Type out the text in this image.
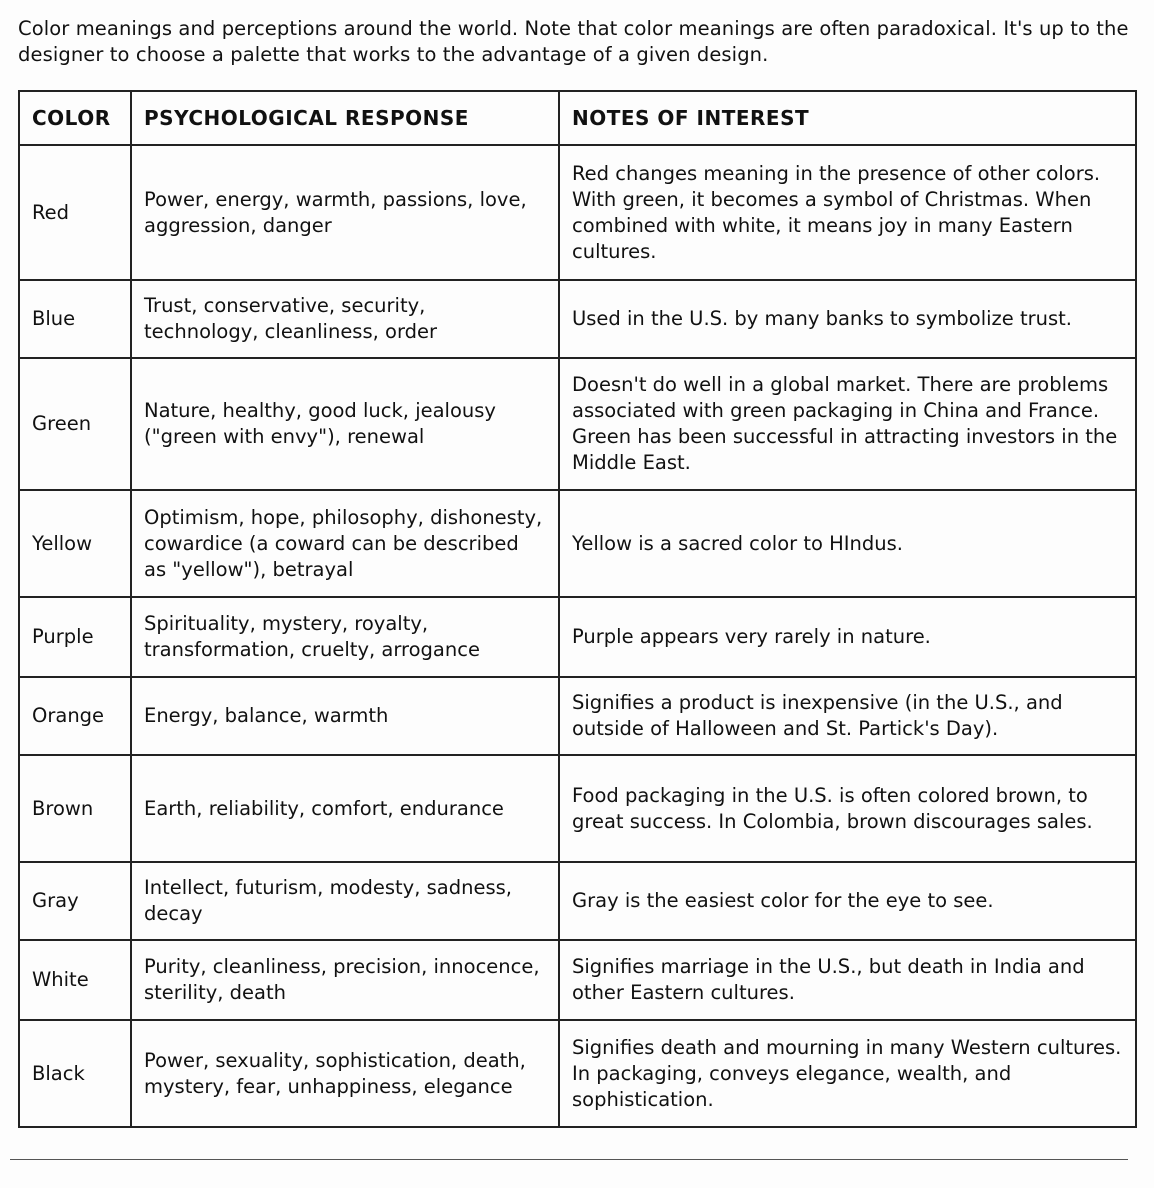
Color meanings and perceptions around the world. Note that color meanings are often paradoxical. It's up to the designer to choose a palette that works to the advantage of a given design.
COLOR	PSYCHOLOGICAL RESPONSE	NOTES OF INTEREST
Red	Power, energy, warmth, passions, love, aggression, danger	Red changes meaning in the presence of other colors. With green, it becomes a symbol of Christmas. When combined with white, it means joy in many Eastern cultures.
Blue	Trust, conservative, security, technology, cleanliness, order	Used in the U.S. by many banks to symbolize trust.
Green	Nature, healthy, good luck, jealousy ("green with envy"), renewal	Doesn't do well in a global market. There are problems associated with green packaging in China and France. Green has been successful in attracting investors in the Middle East.
Yellow	Optimism, hope, philosophy, dishonesty, cowardice (a coward can be described as "yellow"), betrayal	Yellow is a sacred color to HIndus.
Purple	Spirituality, mystery, royalty, transformation, cruelty, arrogance	Purple appears very rarely in nature.
Orange	Energy, balance, warmth	Signifies a product is inexpensive (in the U.S., and outside of Halloween and St. Partick's Day).
Brown	Earth, reliability, comfort, endurance	Food packaging in the U.S. is often colored brown, to great success. In Colombia, brown discourages sales.
Gray	Intellect, futurism, modesty, sadness, decay	Gray is the easiest color for the eye to see.
White	Purity, cleanliness, precision, innocence, sterility, death	Signifies marriage in the U.S., but death in India and other Eastern cultures.
Black	Power, sexuality, sophistication, death, mystery, fear, unhappiness, elegance	Signifies death and mourning in many Western cultures. In packaging, conveys elegance, wealth, and sophistication.
